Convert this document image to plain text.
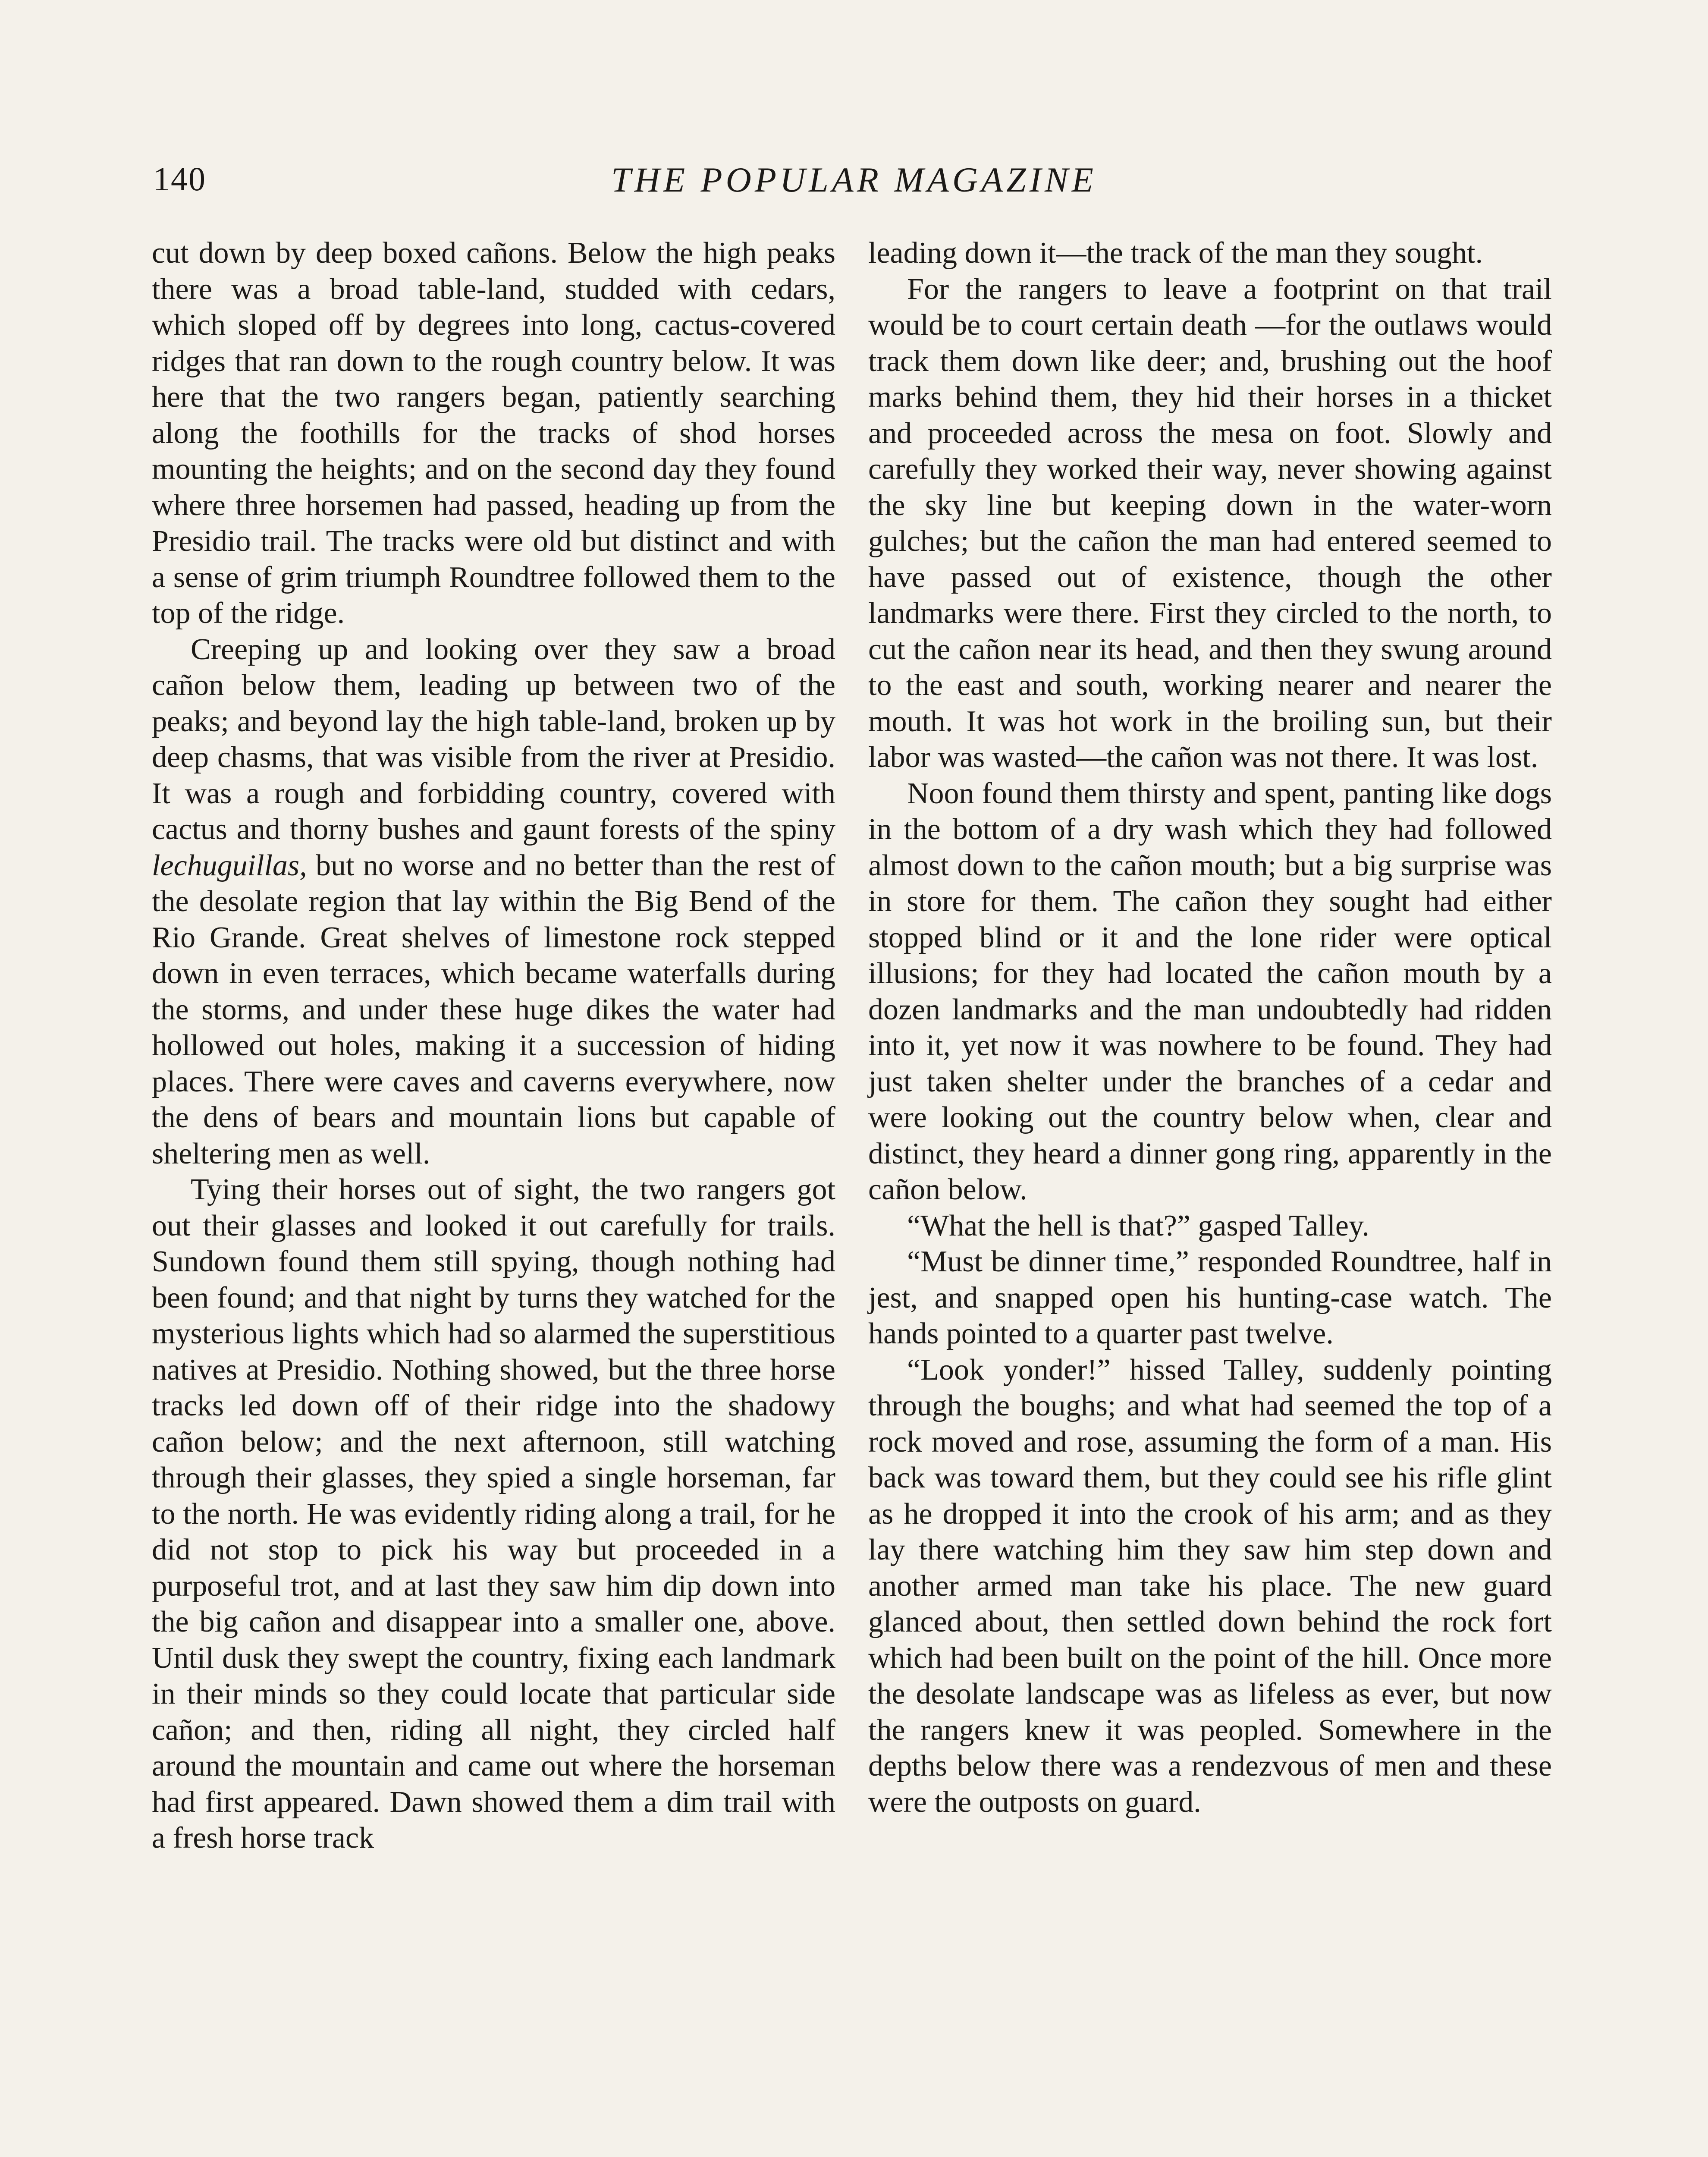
140	THE POPULAR MAGAZINE

cut down by deep boxed cañons. Below the high peaks there was a broad table-land, studded with cedars, which sloped off by degrees into long, cactus-covered ridges that ran down to the rough country below. It was here that the two rangers began, patiently searching along the foothills for the tracks of shod horses mounting the heights; and on the second day they found where three horsemen had passed, heading up from the Presidio trail. The tracks were old but distinct and with a sense of grim triumph Roundtree followed them to the top of the ridge.

Creeping up and looking over they saw a broad cañon below them, leading up between two of the peaks; and beyond lay the high table-land, broken up by deep chasms, that was visible from the river at Presidio. It was a rough and forbidding country, covered with cactus and thorny bushes and gaunt forests of the spiny lechuguillas, but no worse and no better than the rest of the desolate region that lay within the Big Bend of the Rio Grande. Great shelves of limestone rock stepped down in even terraces, which became waterfalls during the storms, and under these huge dikes the water had hollowed out holes, making it a succession of hiding places. There were caves and caverns everywhere, now the dens of bears and mountain lions but capable of sheltering men as well.

Tying their horses out of sight, the two rangers got out their glasses and looked it out carefully for trails. Sundown found them still spying, though nothing had been found; and that night by turns they watched for the mysterious lights which had so alarmed the superstitious natives at Presidio. Nothing showed, but the three horse tracks led down off of their ridge into the shadowy cañon below; and the next afternoon, still watching through their glasses, they spied a single horseman, far to the north. He was evidently riding along a trail, for he did not stop to pick his way but proceeded in a purposeful trot, and at last they saw him dip down into the big cañon and disappear into a smaller one, above. Until dusk they swept the country, fixing each landmark in their minds so they could locate that particular side cañon; and then, riding all night, they circled half around the mountain and came out where the horseman had first appeared. Dawn showed them a dim trail with a fresh horse track

leading down it—the track of the man they sought.

For the rangers to leave a footprint on that trail would be to court certain death —for the outlaws would track them down like deer; and, brushing out the hoof marks behind them, they hid their horses in a thicket and proceeded across the mesa on foot. Slowly and carefully they worked their way, never showing against the sky line but keeping down in the water-worn gulches; but the cañon the man had entered seemed to have passed out of existence, though the other landmarks were there. First they circled to the north, to cut the cañon near its head, and then they swung around to the east and south, working nearer and nearer the mouth. It was hot work in the broiling sun, but their labor was wasted—the cañon was not there. It was lost.

Noon found them thirsty and spent, panting like dogs in the bottom of a dry wash which they had followed almost down to the cañon mouth; but a big surprise was in store for them. The cañon they sought had either stopped blind or it and the lone rider were optical illusions; for they had located the cañon mouth by a dozen landmarks and the man undoubtedly had ridden into it, yet now it was nowhere to be found. They had just taken shelter under the branches of a cedar and were looking out the country below when, clear and distinct, they heard a dinner gong ring, apparently in the cañon below.

“What the hell is that?” gasped Talley.

“Must be dinner time,” responded Roundtree, half in jest, and snapped open his hunting-case watch. The hands pointed to a quarter past twelve.

“Look yonder!” hissed Talley, suddenly pointing through the boughs; and what had seemed the top of a rock moved and rose, assuming the form of a man. His back was toward them, but they could see his rifle glint as he dropped it into the crook of his arm; and as they lay there watching him they saw him step down and another armed man take his place. The new guard glanced about, then settled down behind the rock fort which had been built on the point of the hill. Once more the desolate landscape was as lifeless as ever, but now the rangers knew it was peopled. Somewhere in the depths below there was a rendezvous of men and these were the outposts on guard.
